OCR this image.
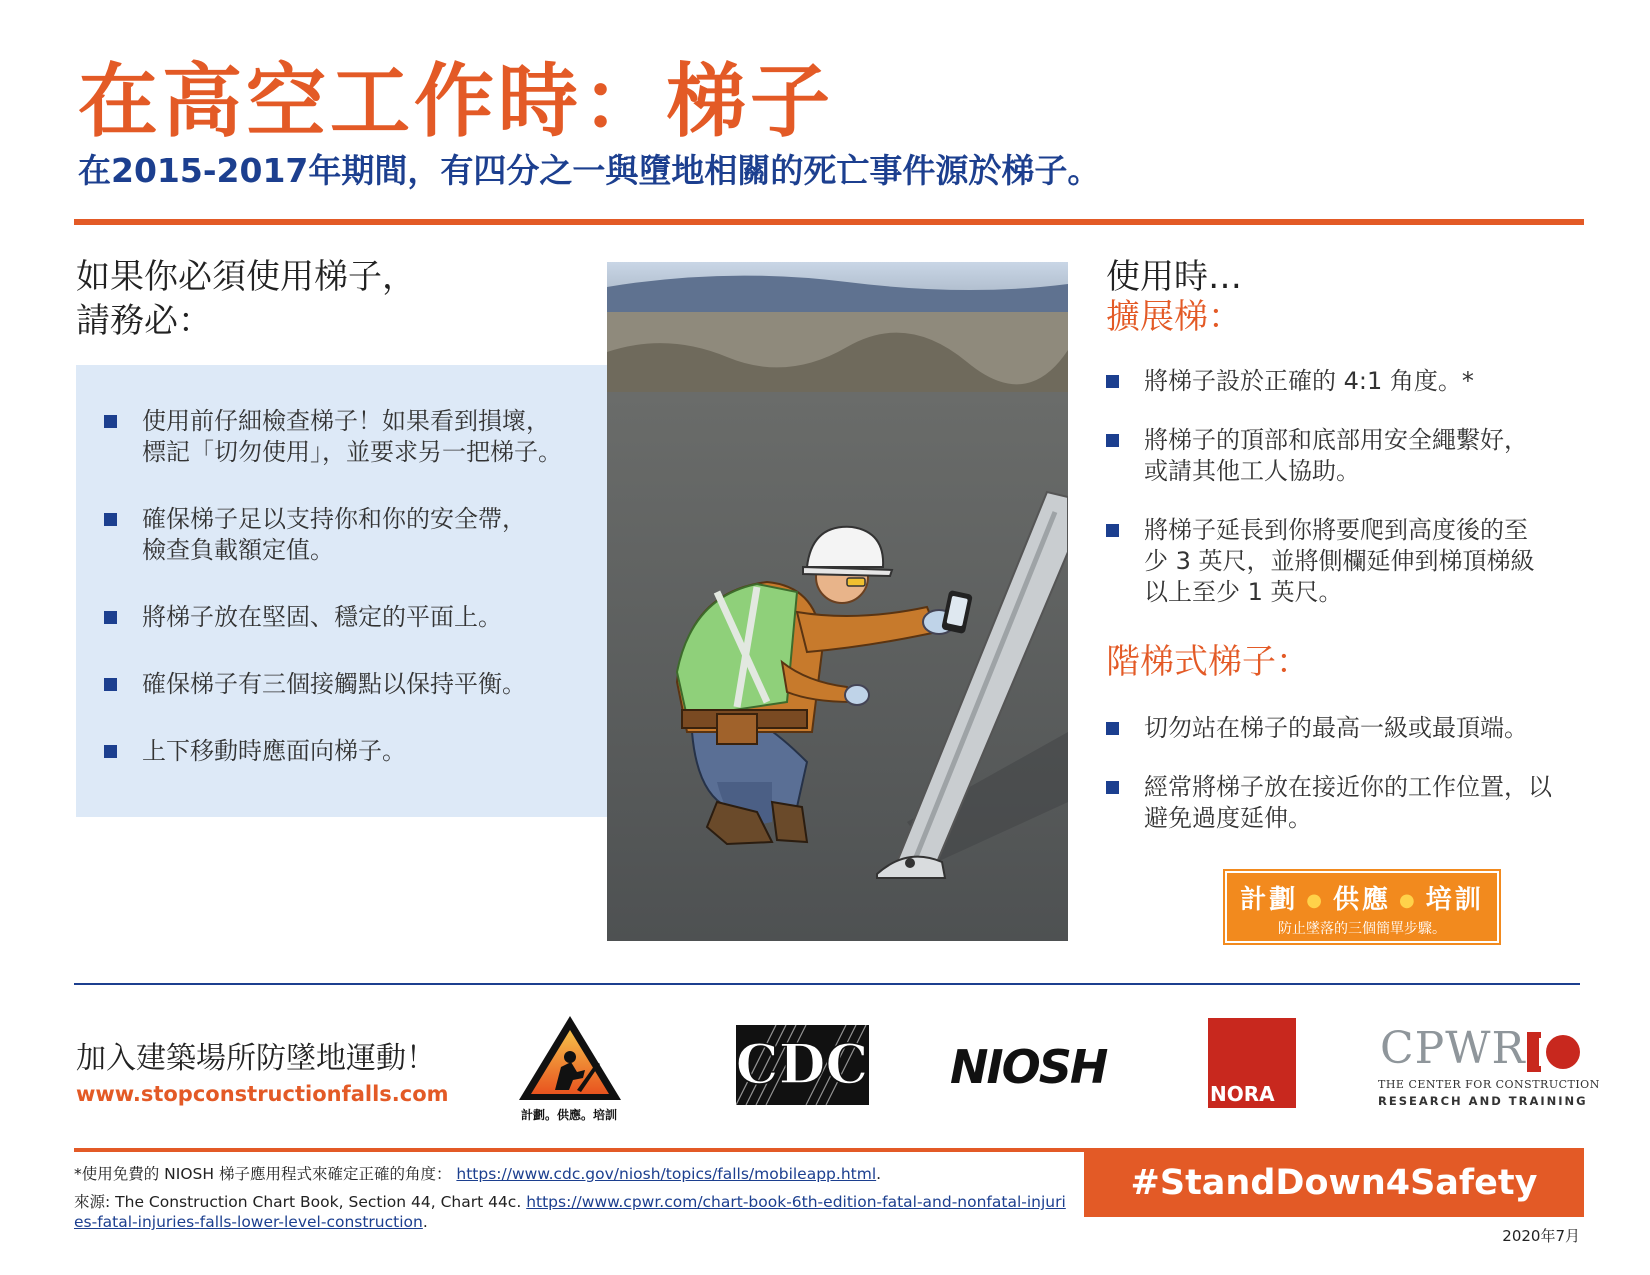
在高空工作時：梯子
在2015-2017年期間，有四分之一與墮地相關的死亡事件源於梯子。
如果你必須使用梯子，
請務必：
使用前仔細檢查梯子！如果看到損壞，
標記「切勿使用」，並要求另一把梯子。
確保梯子足以支持你和你的安全帶，
檢查負載額定值。
將梯子放在堅固、穩定的平面上。
確保梯子有三個接觸點以保持平衡。
上下移動時應面向梯子。
使用時…
擴展梯：
將梯子設於正確的 4:1 角度。*
將梯子的頂部和底部用安全繩繫好，
或請其他工人協助。
將梯子延長到你將要爬到高度後的至
少 3 英尺，並將側欄延伸到梯頂梯級
以上至少 1 英尺。
階梯式梯子：
切勿站在梯子的最高一級或最頂端。
經常將梯子放在接近你的工作位置，以
避免過度延伸。
計劃 ● 供應 ● 培訓
防止墜落的三個簡單步驟。
加入建築場所防墜地運動！
www.stopconstructionfalls.com
計劃。供應。培訓
CDC NIOSH	NORA
CPWR
THE CENTER FOR CONSTRUCTION
RESEARCH AND TRAINING
#StandDown4Safety
*使用免費的 NIOSH 梯子應用程式來確定正確的角度： https://www.cdc.gov/niosh/topics/falls/mobileapp.html.
來源: The Construction Chart Book, Section 44, Chart 44c. https://www.cpwr.com/chart-book-6th-edition-fatal-and-nonfatal-injuries-fatal-injuries-falls-lower-level-construction.
2020年7月
